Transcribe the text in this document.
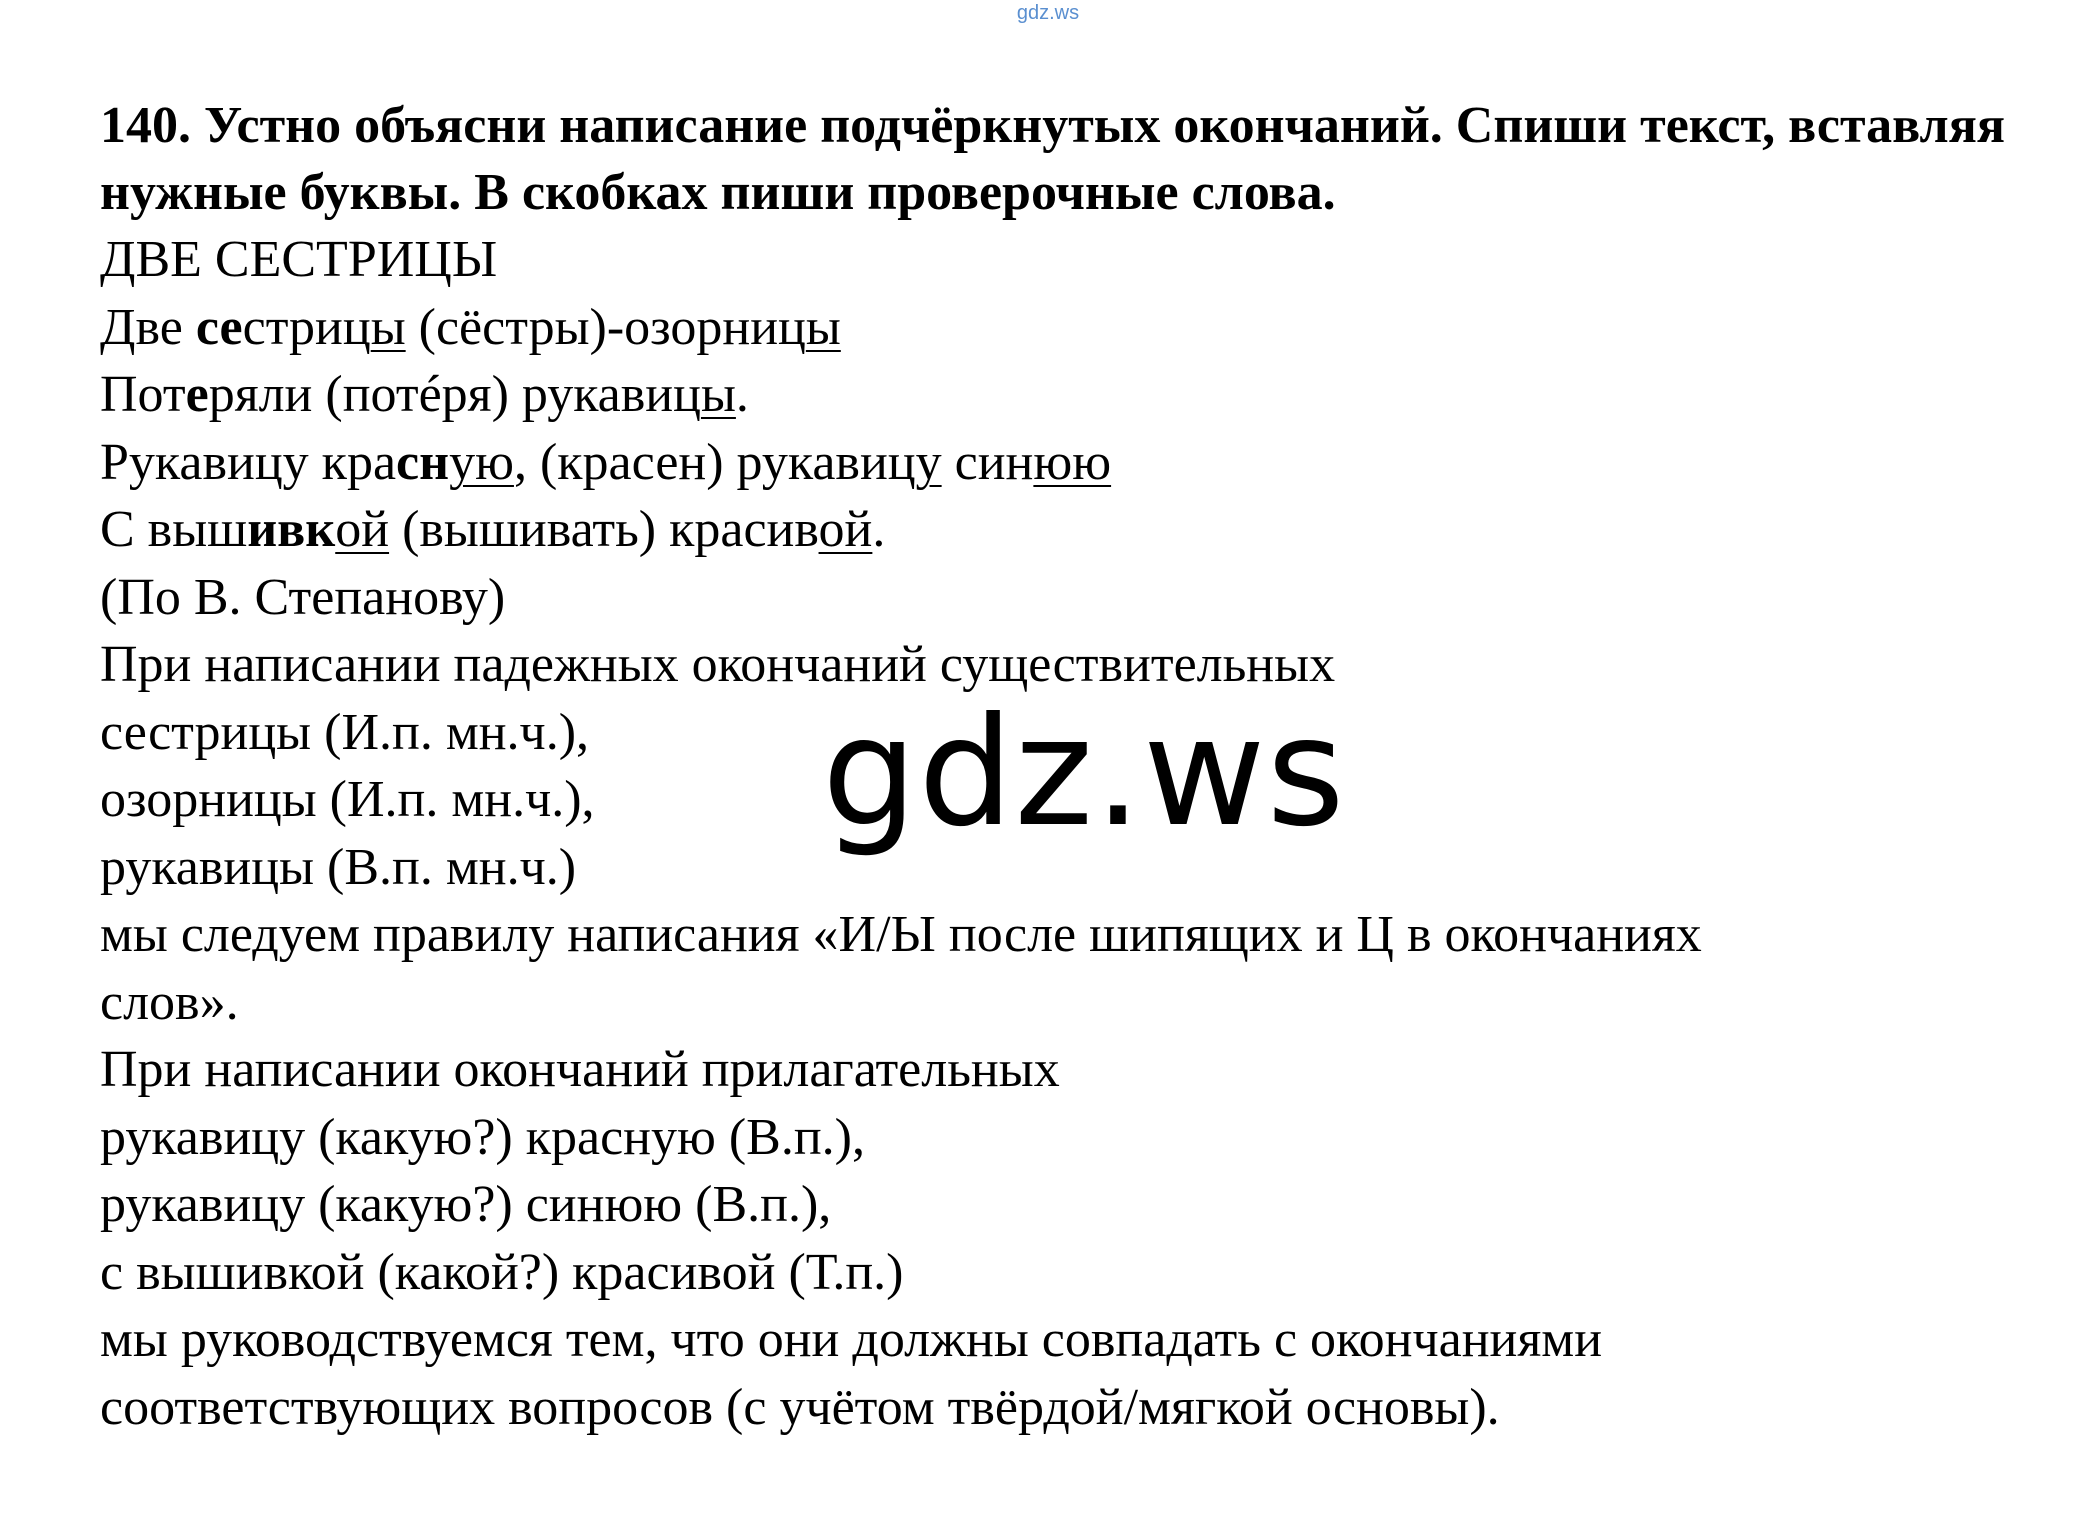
gdz.ws

140. Устно объясни написание подчёркнутых окончаний. Спиши текст, вставляя нужные буквы. В скобках пиши проверочные слова.

ДВЕ СЕСТРИЦЫ
Две сестрицы (сёстры)-озорницы
Потеряли (потéря) рукавицы.
Рукавицу красную, (красен) рукавицу синюю
С вышивкой (вышивать) красивой.
(По В. Степанову)
При написании падежных окончаний существительных
сестрицы (И.п. мн.ч.),
озорницы (И.п. мн.ч.),
рукавицы (В.п. мн.ч.)
мы следуем правилу написания «И/Ы после шипящих и Ц в окончаниях
слов».
При написании окончаний прилагательных
рукавицу (какую?) красную (В.п.),
рукавицу (какую?) синюю (В.п.),
с вышивкой (какой?) красивой (Т.п.)
мы руководствуемся тем, что они должны совпадать с окончаниями
соответствующих вопросов (с учётом твёрдой/мягкой основы).
gdz.ws
